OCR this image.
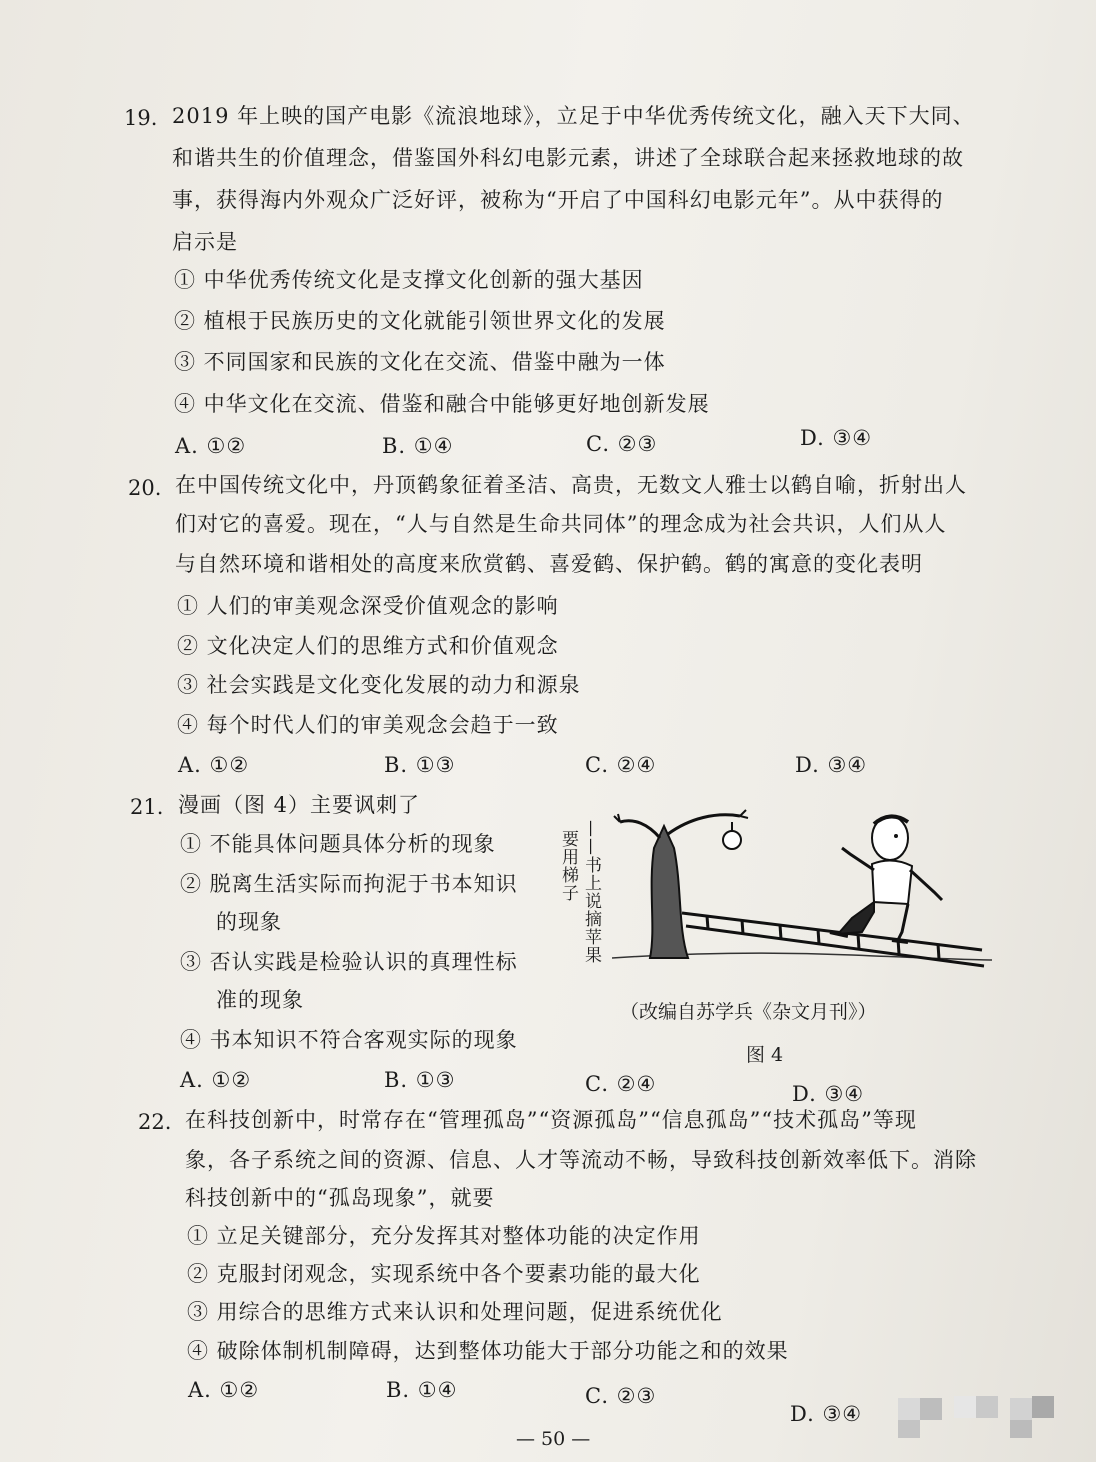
19. 2019 年上映的国产电影《流浪地球》，立足于中华优秀传统文化，融入天下大同、
和谐共生的价值理念，借鉴国外科幻电影元素，讲述了全球联合起来拯救地球的故
事，获得海内外观众广泛好评，被称为“开启了中国科幻电影元年”。从中获得的
启示是
① 中华优秀传统文化是支撑文化创新的强大基因
② 植根于民族历史的文化就能引领世界文化的发展
③ 不同国家和民族的文化在交流、借鉴中融为一体
④ 中华文化在交流、借鉴和融合中能够更好地创新发展
A. ①②	B. ①④	C. ②③	D. ③④
20. 在中国传统文化中，丹顶鹤象征着圣洁、高贵，无数文人雅士以鹤自喻，折射出人
们对它的喜爱。现在，“人与自然是生命共同体”的理念成为社会共识，人们从人
与自然环境和谐相处的高度来欣赏鹤、喜爱鹤、保护鹤。鹤的寓意的变化表明
① 人们的审美观念深受价值观念的影响
② 文化决定人们的思维方式和价值观念
③ 社会实践是文化变化发展的动力和源泉
④ 每个时代人们的审美观念会趋于一致
A. ①②	B. ①③	C. ②④	D. ③④
21. 漫画（图 4）主要讽刺了
① 不能具体问题具体分析的现象
② 脱离生活实际而拘泥于书本知识
的现象
③ 否认实践是检验认识的真理性标
准的现象
④ 书本知识不符合客观实际的现象
A. ①②	B. ①③	C. ②④	D. ③④
要用梯子 ——书上说摘苹果
（改编自苏学兵《杂文月刊》）
图 4
22. 在科技创新中，时常存在“管理孤岛”“资源孤岛”“信息孤岛”“技术孤岛”等现
象，各子系统之间的资源、信息、人才等流动不畅，导致科技创新效率低下。消除
科技创新中的“孤岛现象”，就要
① 立足关键部分，充分发挥其对整体功能的决定作用
② 克服封闭观念，实现系统中各个要素功能的最大化
③ 用综合的思维方式来认识和处理问题，促进系统优化
④ 破除体制机制障碍，达到整体功能大于部分功能之和的效果
A. ①②	B. ①④	C. ②③
D. ③④
— 50 —
